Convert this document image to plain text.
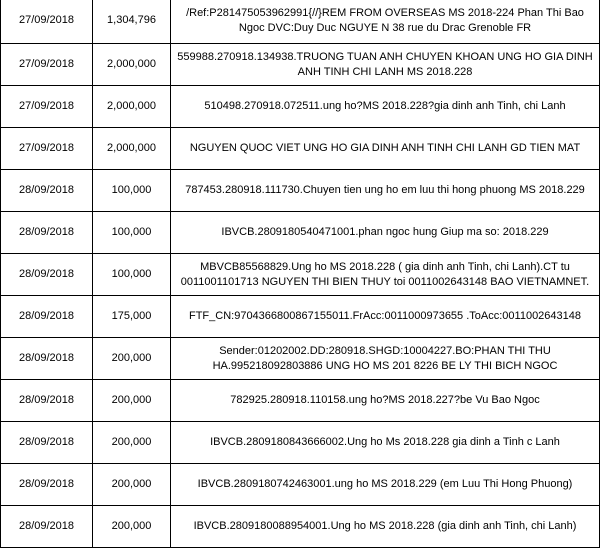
27/09/2018	1,304,796	/Ref:P281475053962991{//}REM FROM OVERSEAS MS 2018-224 Phan Thi Bao Ngoc DVC:Duy Duc NGUYE N 38 rue du Drac Grenoble FR
27/09/2018	2,000,000	559988.270918.134938.TRUONG TUAN ANH CHUYEN KHOAN UNG HO GIA DINH ANH TINH CHI LANH MS 2018.228
27/09/2018	2,000,000	510498.270918.072511.ung ho?MS 2018.228?gia dinh anh Tinh, chi Lanh
27/09/2018	2,000,000	NGUYEN QUOC VIET UNG HO GIA DINH ANH TINH CHI LANH GD TIEN MAT
28/09/2018	100,000	787453.280918.111730.Chuyen tien ung ho em luu thi hong phuong MS 2018.229
28/09/2018	100,000	IBVCB.2809180540471001.phan ngoc hung Giup ma so: 2018.229
28/09/2018	100,000	MBVCB85568829.Ung ho MS 2018.228 ( gia dinh anh Tinh, chi Lanh).CT tu 0011001101713 NGUYEN THI BIEN THUY toi 0011002643148 BAO VIETNAMNET.
28/09/2018	175,000	FTF_CN:9704366800867155011.FrAcc:0011000973655 .ToAcc:0011002643148
28/09/2018	200,000	Sender:01202002.DD:280918.SHGD:10004227.BO:PHAN THI THU HA.995218092803886 UNG HO MS 201 8226 BE LY THI BICH NGOC
28/09/2018	200,000	782925.280918.110158.ung ho?MS 2018.227?be Vu Bao Ngoc
28/09/2018	200,000	IBVCB.2809180843666002.Ung ho Ms 2018.228 gia dinh a Tinh c Lanh
28/09/2018	200,000	IBVCB.2809180742463001.ung ho MS 2018.229 (em Luu Thi Hong Phuong)
28/09/2018	200,000	IBVCB.2809180088954001.Ung ho MS 2018.228 (gia dinh anh Tinh, chi Lanh)
